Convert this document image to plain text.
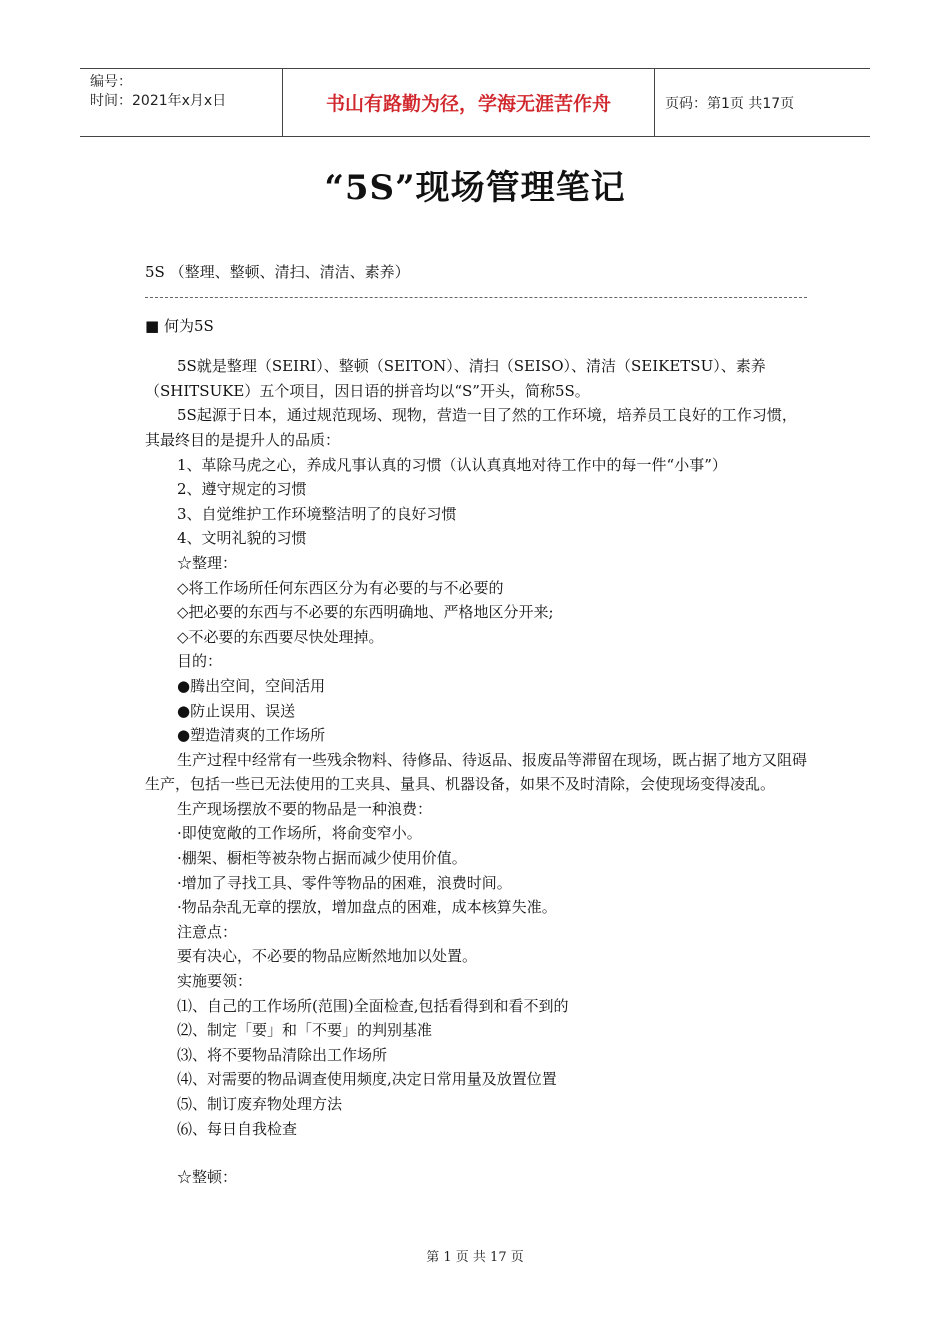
编号：
时间：2021年x月x日	书山有路勤为径，学海无涯苦作舟	页码：第1页 共17页
“5S”现场管理笔记
5S （整理、整顿、清扫、清洁、素养）
■ 何为5S
5S就是整理（SEIRI）、整顿（SEITON）、清扫（SEISO）、清洁（SEIKETSU）、素养（SHITSUKE）五个项目，因日语的拼音均以“S”开头，简称5S。
5S起源于日本，通过规范现场、现物，营造一目了然的工作环境，培养员工良好的工作习惯，其最终目的是提升人的品质：
1、革除马虎之心，养成凡事认真的习惯（认认真真地对待工作中的每一件“小事”）
2、遵守规定的习惯
3、自觉维护工作环境整洁明了的良好习惯
4、文明礼貌的习惯
☆整理：
◇将工作场所任何东西区分为有必要的与不必要的
◇把必要的东西与不必要的东西明确地、严格地区分开来;
◇不必要的东西要尽快处理掉。
目的：
●腾出空间，空间活用
●防止误用、误送
●塑造清爽的工作场所
生产过程中经常有一些残余物料、待修品、待返品、报废品等滞留在现场，既占据了地方又阻碍生产，包括一些已无法使用的工夹具、量具、机器设备，如果不及时清除，会使现场变得凌乱。
生产现场摆放不要的物品是一种浪费：
·即使宽敞的工作场所，将俞变窄小。
·棚架、橱柜等被杂物占据而减少使用价值。
·增加了寻找工具、零件等物品的困难，浪费时间。
·物品杂乱无章的摆放，增加盘点的困难，成本核算失准。
注意点：
要有决心，不必要的物品应断然地加以处置。
实施要领：
⑴、自己的工作场所(范围)全面检查,包括看得到和看不到的
⑵、制定「要」和「不要」的判别基准
⑶、将不要物品清除出工作场所
⑷、对需要的物品调查使用频度,决定日常用量及放置位置
⑸、制订废弃物处理方法
⑹、每日自我检查
☆整顿：
第 1 页 共 17 页
